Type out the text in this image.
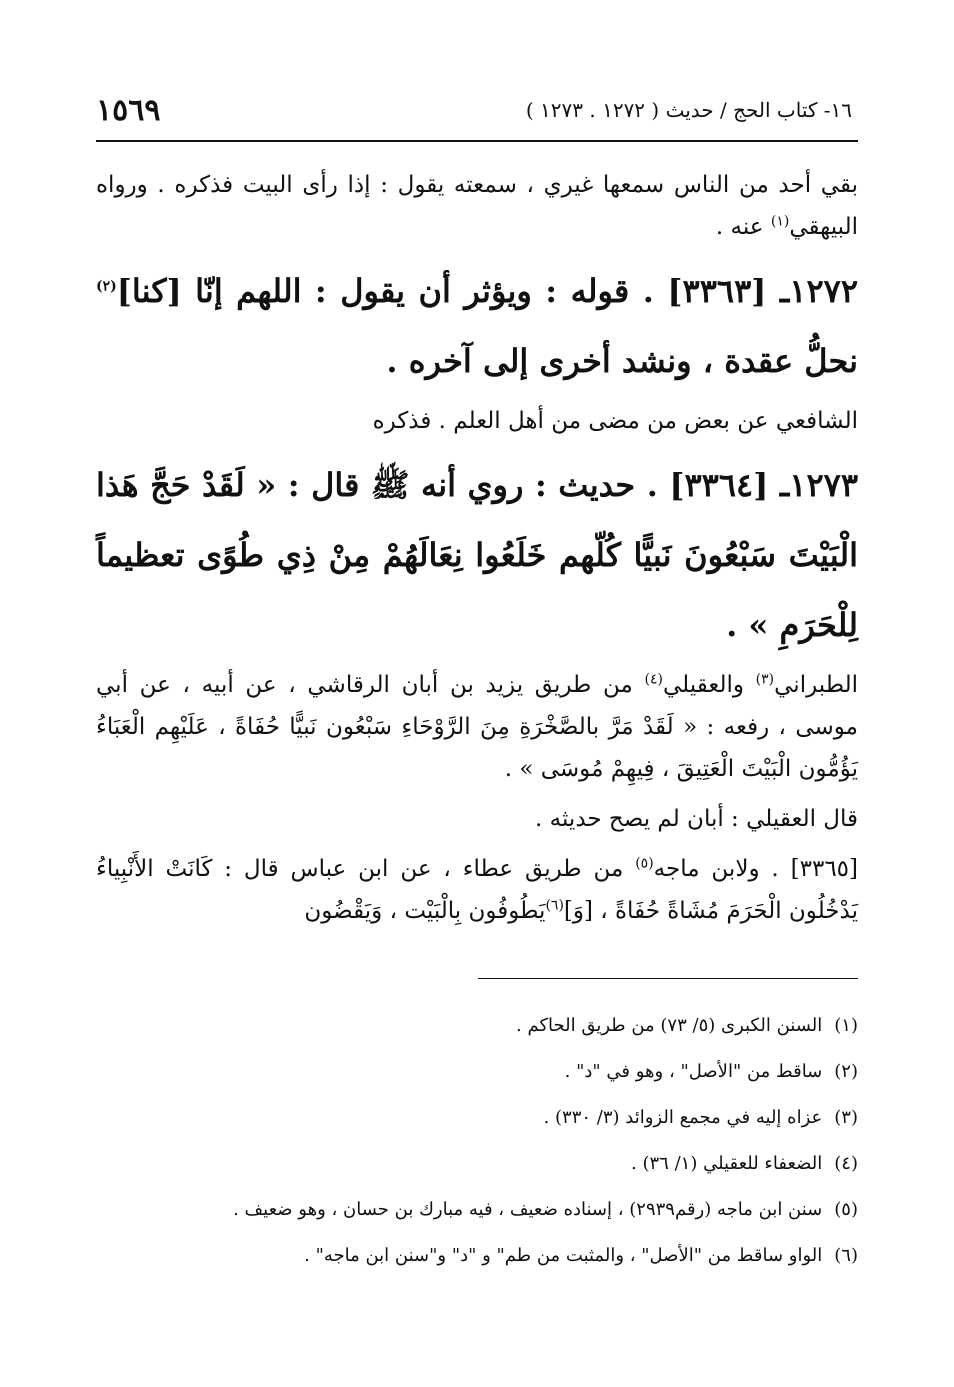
١٦- كتاب الحج / حديث ( ١٢٧٢ . ١٢٧٣ )
١٥٦٩

بقي أحد من الناس سمعها غيري ، سمعته يقول : إذا رأى البيت فذكره . ورواه البيهقي$^{(١)}$ عنه .

١٢٧٢ـ [٣٣٦٣] . قوله : ويؤثر أن يقول : اللهم إنّا [كنا]$^{(٢)}$ نحلُّ عقدة ، ونشد أخرى إلى آخره .

الشافعي عن بعض من مضى من أهل العلم . فذكره

١٢٧٣ـ [٣٣٦٤] . حديث : روي أنه ﷺ قال : « لَقَدْ حَجَّ هَذا الْبَيْتَ سَبْعُونَ نَبيًّا كُلّهم خَلَعُوا نِعَالَهُمْ مِنْ ذِي طُوًى تعظيماً لِلْحَرَمِ » .

الطبراني$^{(٣)}$ والعقيلي$^{(٤)}$ من طريق يزيد بن أبان الرقاشي ، عن أبيه ، عن أبي موسى ، رفعه : « لَقَدْ مَرَّ بالصَّخْرَةِ مِنَ الرَّوْحَاءِ سَبْعُون نَبيًّا حُفَاةً ، عَلَيْهِم الْعَبَاءُ يَؤُمُّون الْبَيْتَ الْعَتِيقَ ، فِيهِمْ مُوسَى » .

قال العقيلي : أبان لم يصح حديثه .

[٣٣٦٥] . ولابن ماجه$^{(٥)}$ من طريق عطاء ، عن ابن عباس قال : كَانَتْ الأَنْبِياءُ يَدْخُلُون الْحَرَمَ مُشَاةً حُفَاةً ، [وَ]$^{(٦)}$يَطُوفُون بِالْبَيْت ، وَيَقْضُون

(١)
السنن الكبرى (٥/ ٧٣) من طريق الحاكم .
(٢)
ساقط من "الأصل" ، وهو في "د" .
(٣)
عزاه إليه في مجمع الزوائد (٣/ ٣٣٠) .
(٤)
الضعفاء للعقيلي (١/ ٣٦) .
(٥)
سنن ابن ماجه (رقم٢٩٣٩) ، إسناده ضعيف ، فيه مبارك بن حسان ، وهو ضعيف .
(٦)
الواو ساقط من "الأصل" ، والمثبت من طم" و "د" و"سنن ابن ماجه" .
